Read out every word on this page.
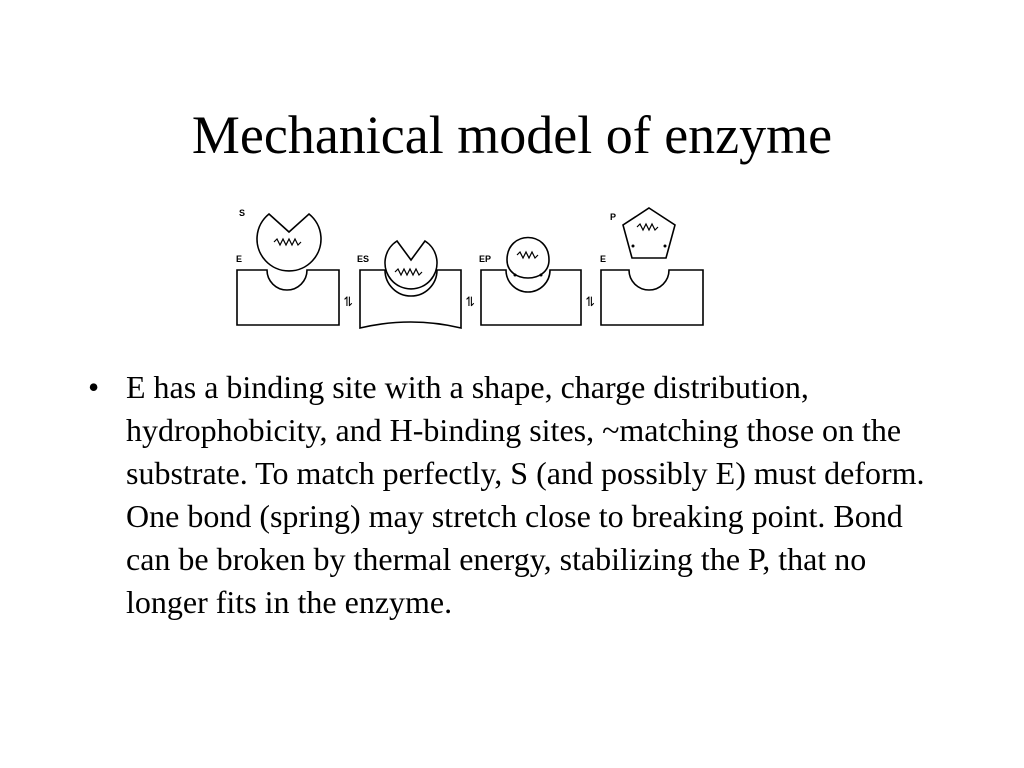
Mechanical model of enzyme
S
E
⇌
ES
⇌
EP
⇌
P
E
• E has a binding site with a shape, charge distribution, hydrophobicity, and H-binding sites, ~matching those on the substrate. To match perfectly, S (and possibly E) must deform. One bond (spring) may stretch close to breaking point. Bond can be broken by thermal energy, stabilizing the P, that no longer fits in the enzyme.
